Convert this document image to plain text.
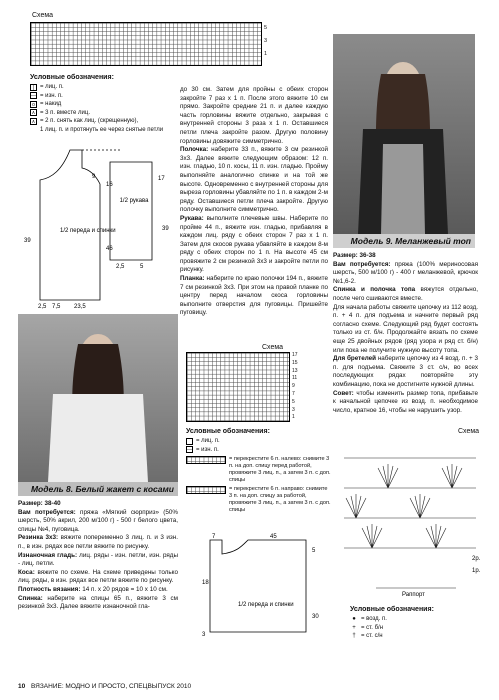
Схема
5
3
1
Условные обозначения:
| = лиц. п.
— = изн. п.
o = накид
∧ = 3 п. вместе лиц.
∧ = 2 п. снять как лиц. (скрещенную),
1 лиц. п. и протянуть ее через снятые петли
1/2 переда и спинки
1/2 рукава
16
9	17
39
46
39
2,5 7,5 23,5
2,5	5

до 30 см. Затем для пройны с обеих сторон закройте 7 раз х 1 п. После этого вяжите 10 см прямо. Закройте средние 21 п. и далее каждую часть горловины вяжите отдельно, закрывая с внутренней стороны 3 раза х 1 п. Оставшиеся петли плеча закройте разом. Другую половину горловины довяжите симметрично.

Полочка: наберите 33 п., вяжите 3 см резинкой 3х3. Далее вяжите следующим образом: 12 п. изн. гладью, 10 п. косы, 11 п. изн. гладью. Пройму выполняйте аналогично спинке и на той же высоте. Одновременно с внутренней стороны для выреза горловины убавляйте по 1 п. в каждом 2-м ряду. Оставшиеся петли плеча закройте. Другую полочку выполните симметрично.

Рукава: выполните плечевые швы. Наберите по пройме 44 п., вяжите изн. гладью, прибавляя в каждом лиц. ряду с обеих сторон 7 раз х 1 п. Затем для скосов рукава убавляйте в каждом 8-м ряду с обеих сторон по 1 п. На высоте 45 см провяжите 2 см резинкой 3х3 и закройте петли по рисунку.

Планка: наберите по краю полочки 194 п., вяжите 7 см резинкой 3х3. При этом на правой планке по центру перед началом скоса горловины выполните отверстия для пуговицы. Пришейте пуговицу.

Модель 9. Меланжевый топ

Размер: 36-38

Вам потребуется: пряжа (100% мериносовая шерсть, 500 м/100 г) - 400 г меланжевой, крючок №1,6-2.

Спинка и полочка топа вяжутся отдельно, после чего сшиваются вместе.

Для начала работы свяжите цепочку из 112 возд. п. + 4 п. для подъема и начните первый ряд согласно схеме. Следующий ряд будет состоять только из ст. б/н. Продолжайте вязать по схеме еще 25 двойных рядов (ряд узора и ряд ст. б/н) или пока не получите нужную высоту топа.

Для бретелей наберите цепочку из 4 возд. п. + 3 п. для подъема. Свяжите 3 ст. с/н, во всех последующих рядах повторяйте эту комбинацию, пока не достигните нужной длины.

Совет: чтобы изменить размер топа, прибавьте к начальной цепочке из возд. п. необходимое число, кратное 16, чтобы не нарушить узор.

Модель 8. Белый жакет с косами
Схема
17
15
13
11
9
7
5
3
1
Условные обозначения:
= лиц. п.
— = изн. п.
= перекрестите 6 п. налево: снимите 3 п. на доп. спицу перед работой, провяжите 3 лиц. п., а затем 3 п. с доп. спицы
= перекрестите 6 п. направо: снимите 3 п. на доп. спицу за работой, провяжите 3 лиц. п., а затем 3 п. с доп. спицы

Размер: 38-40

Вам потребуется: пряжа «Мягкий сюрприз» (50% шерсть, 50% акрил, 200 м/100 г) - 500 г белого цвета, спицы №4, пуговица.

Резинка 3х3: вяжите попеременно 3 лиц. п. и 3 изн. п., в изн. рядах все петли вяжите по рисунку.

Изнаночная гладь: лиц. ряды - изн. петли, изн. ряды - лиц. петли.

Коса: вяжите по схеме. На схеме приведены только лиц. ряды, в изн. рядах все петли вяжите по рисунку.

Плотность вязания: 14 п. х 20 рядов = 10 х 10 см.

Спинка: наберите на спицы 65 п., вяжите 3 см резинкой 3х3. Далее вяжите изнаночной гла-	1/2 переда и спинки
7	45
5
30
18
3
Схема
2р.
1р.
Раппорт
Условные обозначения:
● = возд. п.
+ = ст. б/н
† = ст. с/н
10 ВЯЗАНИЕ: МОДНО И ПРОСТО, СПЕЦВЫПУСК 2010
